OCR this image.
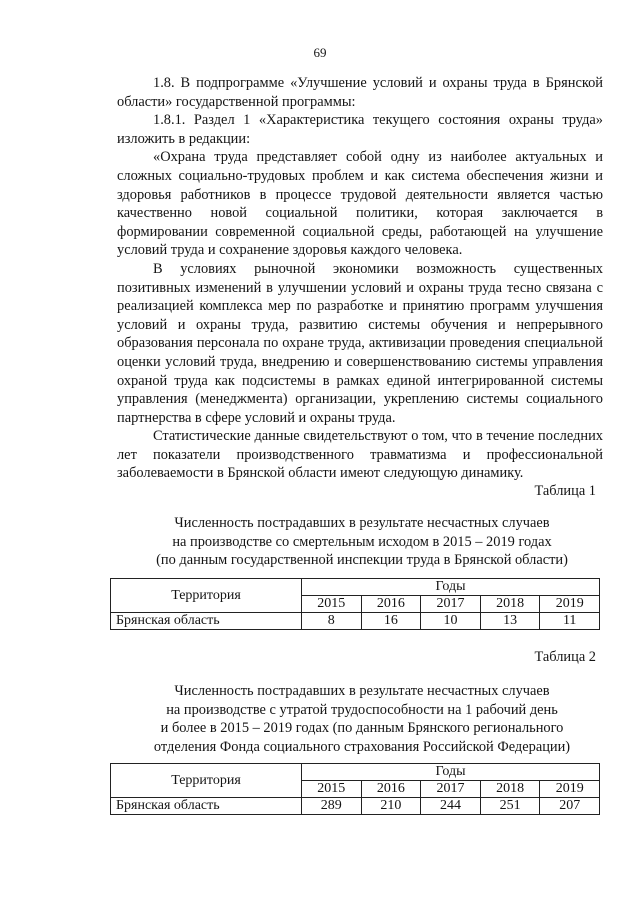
69

1.8. В подпрограмме «Улучшение условий и охраны труда в Брянской области» государственной программы:

1.8.1. Раздел 1 «Характеристика текущего состояния охраны труда» изложить в редакции:

«Охрана труда представляет собой одну из наиболее актуальных и сложных социально-трудовых проблем и как система обеспечения жизни и здоровья работников в процессе трудовой деятельности является частью качественно новой социальной политики, которая заключается в формировании современной социальной среды, работающей на улучшение условий труда и сохранение здоровья каждого человека.

В условиях рыночной экономики возможность существенных позитивных изменений в улучшении условий и охраны труда тесно связана с реализацией комплекса мер по разработке и принятию программ улучшения условий и охраны труда, развитию системы обучения и непрерывного образования персонала по охране труда, активизации проведения специальной оценки условий труда, внедрению и совершенствованию системы управления охраной труда как подсистемы в рамках единой интегрированной системы управления (менеджмента) организации, укреплению системы социального партнерства в сфере условий и охраны труда.

Статистические данные свидетельствуют о том, что в течение последних лет показатели производственного травматизма и профессиональной заболеваемости в Брянской области имеют следующую динамику.

Таблица 1
Численность пострадавших в результате несчастных случаев
на производстве со смертельным исходом в 2015 – 2019 годах
(по данным государственной инспекции труда в Брянской области)
Территория	Годы				
	2015	2016	2017	2018	2019
Брянская область	8	16	10	13	11
Таблица 2
Численность пострадавших в результате несчастных случаев
на производстве с утратой трудоспособности на 1 рабочий день
и более в 2015 – 2019 годах (по данным Брянского регионального
отделения Фонда социального страхования Российской Федерации)
Территория	Годы				
	2015	2016	2017	2018	2019
Брянская область	289	210	244	251	207
